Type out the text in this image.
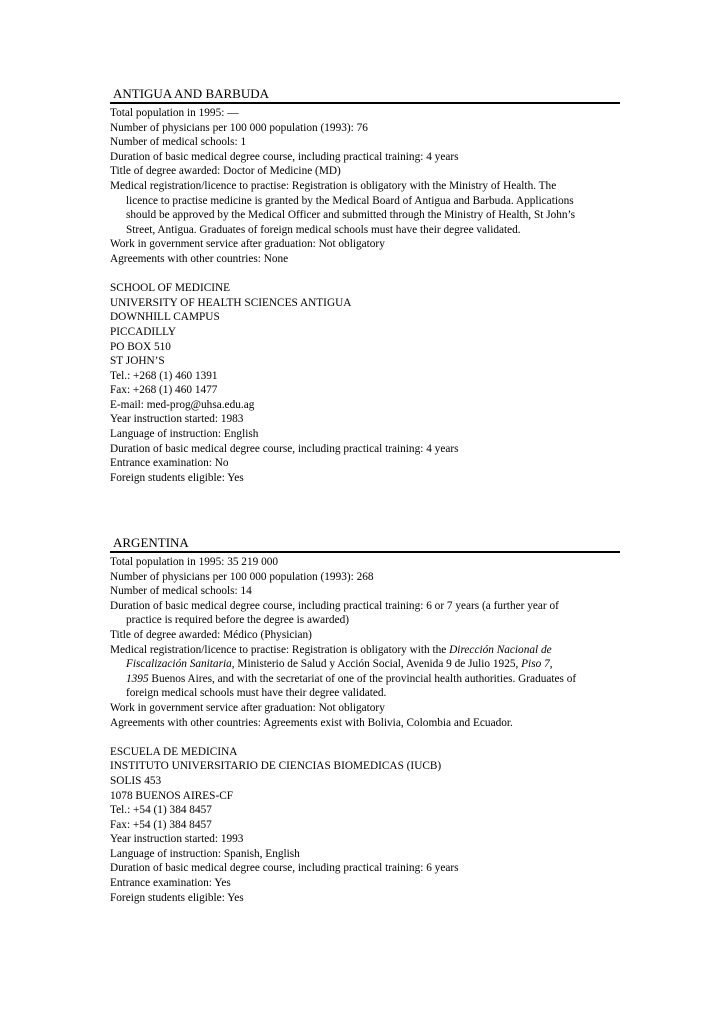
ANTIGUA AND BARBUDA
Total population in 1995: —
Number of physicians per 100 000 population (1993): 76
Number of medical schools: 1
Duration of basic medical degree course, including practical training: 4 years
Title of degree awarded: Doctor of Medicine (MD)
Medical registration/licence to practise: Registration is obligatory with the Ministry of Health. The
licence to practise medicine is granted by the Medical Board of Antigua and Barbuda. Applications
should be approved by the Medical Officer and submitted through the Ministry of Health, St John’s
Street, Antigua. Graduates of foreign medical schools must have their degree validated.
Work in government service after graduation: Not obligatory
Agreements with other countries: None
SCHOOL OF MEDICINE
UNIVERSITY OF HEALTH SCIENCES ANTIGUA
DOWNHILL CAMPUS
PICCADILLY
PO BOX 510
ST JOHN’S
Tel.: +268 (1) 460 1391
Fax: +268 (1) 460 1477
E-mail: med-prog@uhsa.edu.ag
Year instruction started: 1983
Language of instruction: English
Duration of basic medical degree course, including practical training: 4 years
Entrance examination: No
Foreign students eligible: Yes
ARGENTINA
Total population in 1995: 35 219 000
Number of physicians per 100 000 population (1993): 268
Number of medical schools: 14
Duration of basic medical degree course, including practical training: 6 or 7 years (a further year of
practice is required before the degree is awarded)
Title of degree awarded: Médico (Physician)
Medical registration/licence to practise: Registration is obligatory with the Dirección Nacional de
Fiscalización Sanitaria, Ministerio de Salud y Acción Social, Avenida 9 de Julio 1925, Piso 7,
1395 Buenos Aires, and with the secretariat of one of the provincial health authorities. Graduates of
foreign medical schools must have their degree validated.
Work in government service after graduation: Not obligatory
Agreements with other countries: Agreements exist with Bolivia, Colombia and Ecuador.
ESCUELA DE MEDICINA
INSTITUTO UNIVERSITARIO DE CIENCIAS BIOMEDICAS (IUCB)
SOLIS 453
1078 BUENOS AIRES-CF
Tel.: +54 (1) 384 8457
Fax: +54 (1) 384 8457
Year instruction started: 1993
Language of instruction: Spanish, English
Duration of basic medical degree course, including practical training: 6 years
Entrance examination: Yes
Foreign students eligible: Yes
